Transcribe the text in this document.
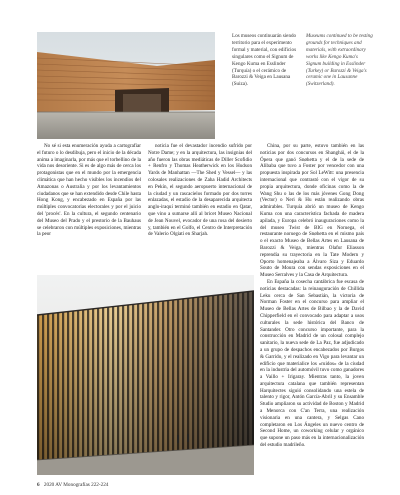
Los museos continuarán siendo territorio para el experimento formal y material, con edificios singulares como el Signum de Kengo Kuma en Esslinder (Turquía) o el cerámico de Barozzi & Veiga en Lausana (Suiza).
Museums continued to be testing grounds for techniques and materials, with extraordinary works like Kengo Kuma's Signum building in Esslinder (Turkey) or Barozzi & Veiga's ceramic one in Lausanne (Switzerland).

No sé si esta enumeración ayuda a cartografiar el futuro o lo desdibuja, pero el inicio de la década anima a imaginarla, por más que el torbellino de la vida nos desoriente. Si es de algo más de cerca los protagonistas que en el mundo por la emergencia climática que han hecho visibles los incendios del Amazonas o Australia y por los levantamientos ciudadanos que se han extendido desde Chile hasta Hong Kong, y encabezado en España por las múltiples convocatorias electorales y por el juicio del 'procés'. En la cultura, el segundo centenario del Museo del Prado y el prestorio de la Bauhaus se celebraron con múltiples exposiciones, mientras la peor

noticia fue el devastador incendio sufrido por Notre Dame; y en la arquitectura, las insignias del año fueron las obras mediáticas de Diller Scofidio + Renfro y Thomas Heatherwick en los Hudson Yards de Manhattan —The Shed y Vessel— y las colosales realizaciones de Zaha Hadid Architects en Pekín, el segundo aeropuerto internacional de la ciudad y un rascacielos formado por dos torres enlazadas, el estadio de la desaparecida arquitecta anglo-iraquí terminó también en estadio en Qatar, que vino a sumarse allí al bricet Museo Nacional de Jean Nouvel, evocador de una rosa del desierto y, también en el Golfo, el Centro de Interpretación de Valerio Olgiati en Sharjah.

China, por su parte, estuvo también en las noticias por dos concursos en Shanghái, el de la Ópera que ganó Snøhetta y el de la sede de Alibaba que tuvo a Foster por vencedor con una propuesta inspirada por Sol LeWitt: una presencia internacional que contrastó con el vigor de su propia arquitectura, donde oficinas como la de Wang Shu o las de los más jóvenes Gong Dong (Vector) o Neri & Hu están realizando obras admirables. Turquía abrió un museo de Kengo Kuma con una característica fachada de madera apilada, y Europa celebró inauguraciones como la del museo Twist de BIG en Noruega, el restaurante noruego de Snøhetta en el mismo país o el exacto Museo de Bellas Artes en Lausana de Barozzi & Veiga, mientras Olafur Eliasson reprendía su trayectoria en la Tate Modern y Oporto homenajeaba a Álvaro Siza y Eduardo Souto de Moura con sendas exposiciones en el Museo Serralves y la Casa de Arquitectura.

En España la cosecha cantábrica fue escasa de noticias destacadas: la reinauguración de Chillida Leku cerca de San Sebastián, la victoria de Norman Foster en el concurso para ampliar el Museo de Bellas Artes de Bilbao y la de David Chipperfield en el convocado para adaptar a usos culturales la sede histórica del Banco de Santander. Otro concurso importante, para la construcción en Madrid de un colosal complejo sanitario, la nueva sede de La Paz, fue adjudicado a un grupo de despachos encabezados por Burgos & Garrido, y el realizado en Vigo para levantar un edificio que materialice los «ruidos» de la ciudad en la industria del automóvil tuvo como ganadores a Vaillo + Irigaray. Mientras tanto, la joven arquitectura catalana que también representan Harquitectes siguió consolidando una estela de talento y rigor, Antón García-Abril y su Ensamble Studio ampliaron su actividad de Boston y Madrid a Menorca con C'an Terra, una realización visionaria en una cantera, y Selgas Cano completaron en Los Ángeles un nuevo centro de Second Home, un coworking celular y orgánico que supone un paso más en la internacionalización del estudio madrileño.

6 2020 AV Monografías 222-224
